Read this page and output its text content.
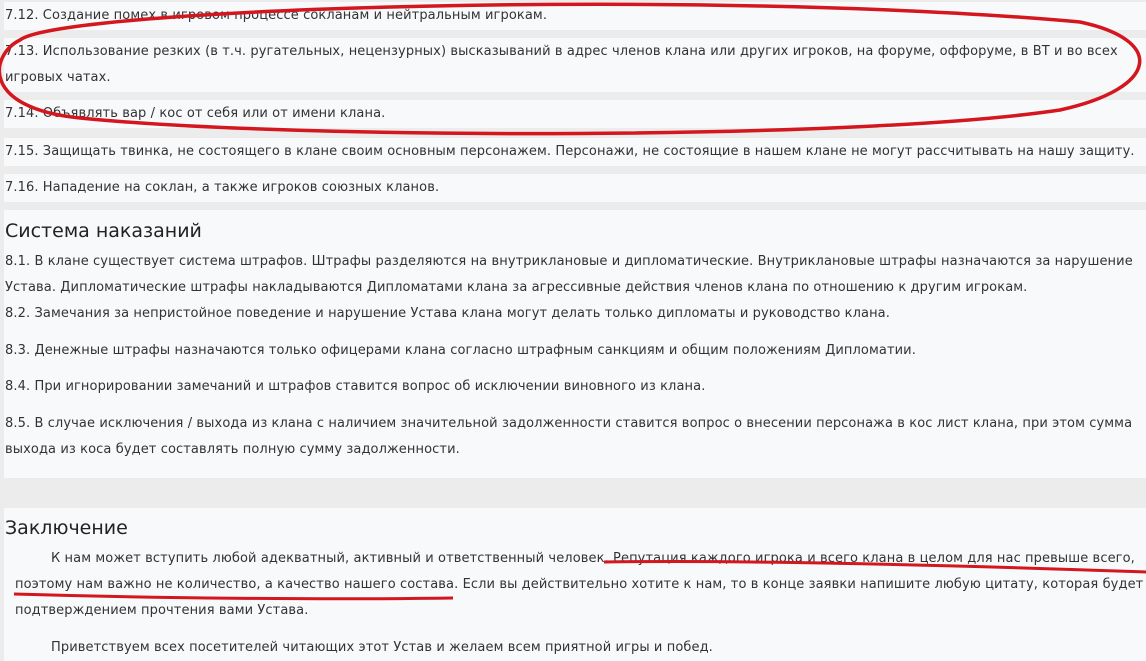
7.12. Создание помех в игровом процессе сокланам и нейтральным игрокам.
7.13. Использование резких (в т.ч. ругательных, нецензурных) высказываний в адрес членов клана или других игроков, на форуме, оффоруме, в ВТ и во всех
игровых чатах.
7.14. Объявлять вар / кос от себя или от имени клана.
7.15. Защищать твинка, не состоящего в клане своим основным персонажем. Персонажи, не состоящие в нашем клане не могут рассчитывать на нашу защиту.
7.16. Нападение на соклан, а также игроков союзных кланов.
Система наказаний
8.1. В клане существует система штрафов. Штрафы разделяются на внутриклановые и дипломатические. Внутриклановые штрафы назначаются за нарушение
Устава. Дипломатические штрафы накладываются Дипломатами клана за агрессивные действия членов клана по отношению к другим игрокам.
8.2. Замечания за непристойное поведение и нарушение Устава клана могут делать только дипломаты и руководство клана.
8.3. Денежные штрафы назначаются только офицерами клана согласно штрафным санкциям и общим положениям Дипломатии.
8.4. При игнорировании замечаний и штрафов ставится вопрос об исключении виновного из клана.
8.5. В случае исключения / выхода из клана с наличием значительной задолженности ставится вопрос о внесении персонажа в кос лист клана, при этом сумма
выхода из коса будет составлять полную сумму задолженности.
Заключение
К нам может вступить любой адекватный, активный и ответственный человек. Репутация каждого игрока и всего клана в целом для нас превыше всего,
поэтому нам важно не количество, а качество нашего состава. Если вы действительно хотите к нам, то в конце заявки напишите любую цитату, которая будет
подтверждением прочтения вами Устава.
Приветствуем всех посетителей читающих этот Устав и желаем всем приятной игры и побед.
